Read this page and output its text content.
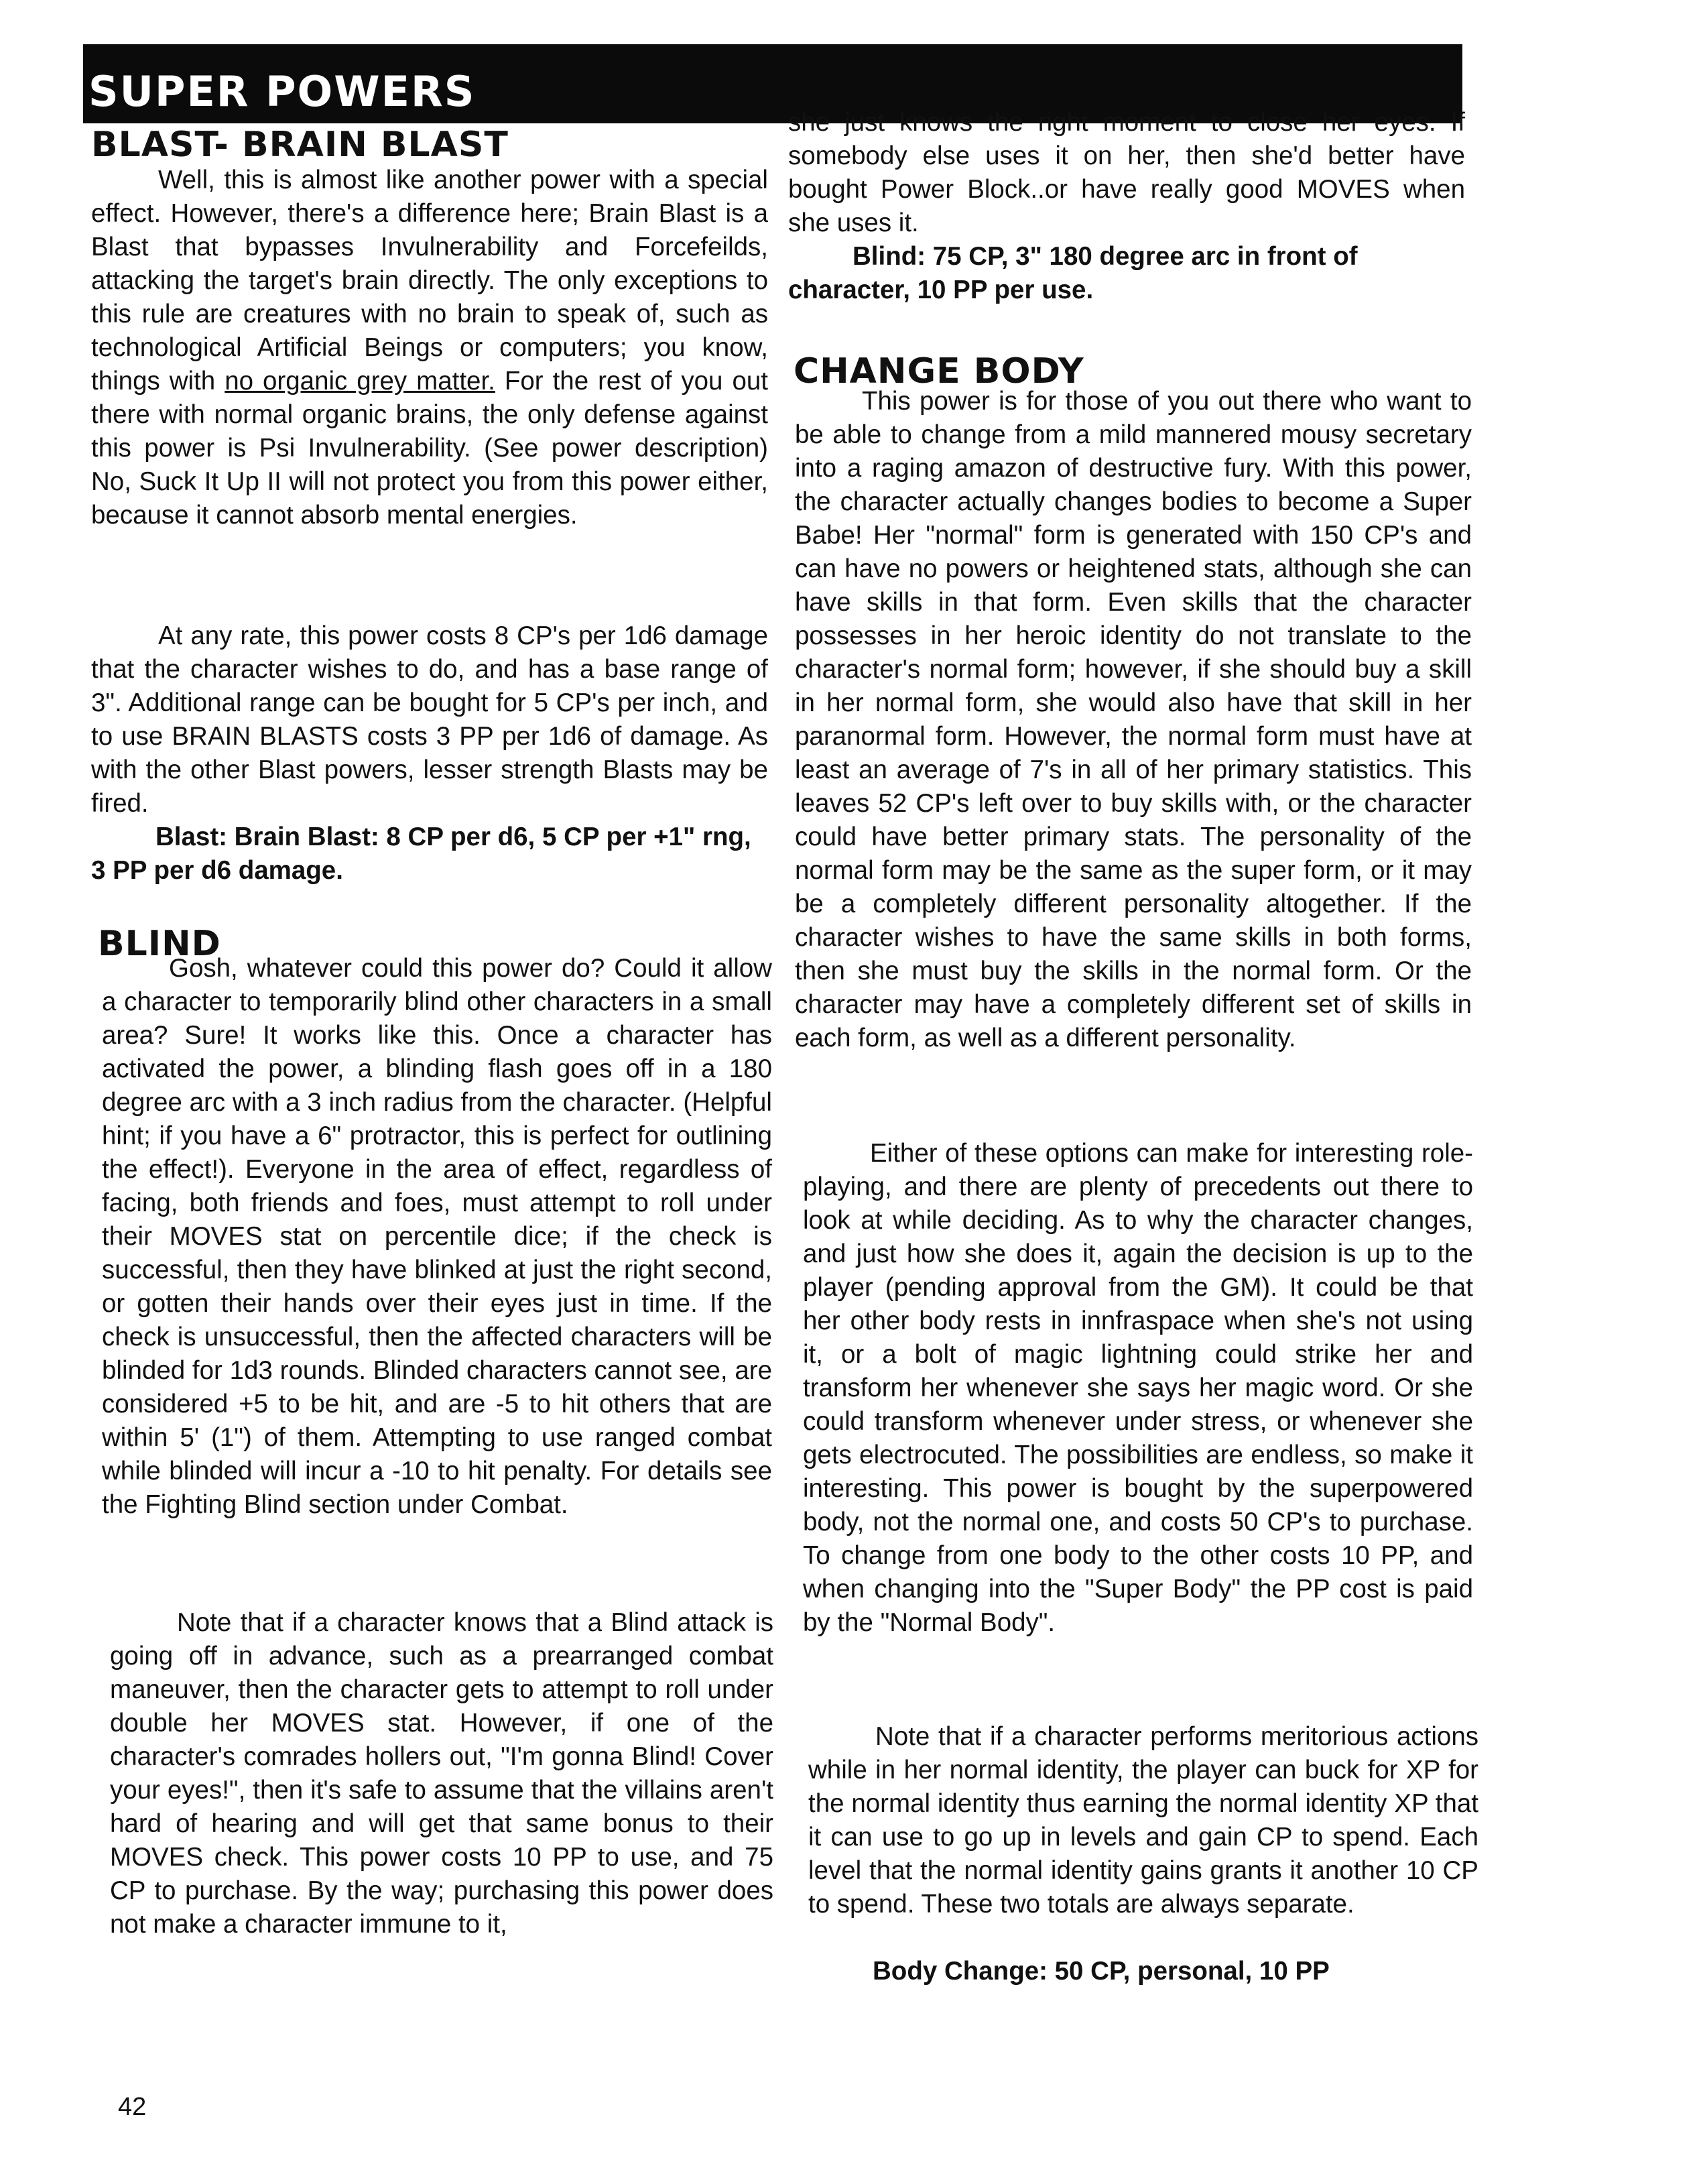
SUPER POWERS
BLAST- BRAIN BLAST

Well, this is almost like another power with a special effect. However, there's a difference here; Brain Blast is a Blast that bypasses Invulnerability and Forcefeilds, attacking the target's brain directly. The only exceptions to this rule are creatures with no brain to speak of, such as technological Artificial Beings or computers; you know, things with no organic grey matter. For the rest of you out there with normal organic brains, the only defense against this power is Psi Invulnerability. (See power description) No, Suck It Up II will not protect you from this power either, because it cannot absorb mental energies.

At any rate, this power costs 8 CP's per 1d6 damage that the character wishes to do, and has a base range of 3". Additional range can be bought for 5 CP's per inch, and to use BRAIN BLASTS costs 3 PP per 1d6 of damage. As with the other Blast powers, lesser strength Blasts may be fired.

Blast: Brain Blast: 8 CP per d6, 5 CP per +1" rng, 3 PP per d6 damage.

BLIND

Gosh, whatever could this power do? Could it allow a character to temporarily blind other characters in a small area? Sure! It works like this. Once a character has activated the power, a blinding flash goes off in a 180 degree arc with a 3 inch radius from the character. (Helpful hint; if you have a 6" protractor, this is perfect for outlining the effect!). Everyone in the area of effect, regardless of facing, both friends and foes, must attempt to roll under their MOVES stat on percentile dice; if the check is successful, then they have blinked at just the right second, or gotten their hands over their eyes just in time. If the check is unsuccessful, then the affected characters will be blinded for 1d3 rounds. Blinded characters cannot see, are considered +5 to be hit, and are -5 to hit others that are within 5' (1") of them. Attempting to use ranged combat while blinded will incur a -10 to hit penalty. For details see the Fighting Blind section under Combat.

Note that if a character knows that a Blind attack is going off in advance, such as a prearranged combat maneuver, then the character gets to attempt to roll under double her MOVES stat. However, if one of the character's comrades hollers out, "I'm gonna Blind! Cover your eyes!", then it's safe to assume that the villains aren't hard of hearing and will get that same bonus to their MOVES check. This power costs 10 PP to use, and 75 CP to purchase. By the way; purchasing this power does not make a character immune to it,

42

she just knows the right moment to close her eyes. If somebody else uses it on her, then she'd better have bought Power Block..or have really good MOVES when she uses it.

Blind: 75 CP, 3" 180 degree arc in front of character, 10 PP per use.

CHANGE BODY

This power is for those of you out there who want to be able to change from a mild mannered mousy secretary into a raging amazon of destructive fury. With this power, the character actually changes bodies to become a Super Babe! Her "normal" form is generated with 150 CP's and can have no powers or heightened stats, although she can have skills in that form. Even skills that the character possesses in her heroic identity do not translate to the character's normal form; however, if she should buy a skill in her normal form, she would also have that skill in her paranormal form. However, the normal form must have at least an average of 7's in all of her primary statistics. This leaves 52 CP's left over to buy skills with, or the character could have better primary stats. The personality of the normal form may be the same as the super form, or it may be a completely different personality altogether. If the character wishes to have the same skills in both forms, then she must buy the skills in the normal form. Or the character may have a completely different set of skills in each form, as well as a different personality.

Either of these options can make for interesting role-playing, and there are plenty of precedents out there to look at while deciding. As to why the character changes, and just how she does it, again the decision is up to the player (pending approval from the GM). It could be that her other body rests in innfraspace when she's not using it, or a bolt of magic lightning could strike her and transform her whenever she says her magic word. Or she could transform whenever under stress, or whenever she gets electrocuted. The possibilities are endless, so make it interesting. This power is bought by the superpowered body, not the normal one, and costs 50 CP's to purchase. To change from one body to the other costs 10 PP, and when changing into the "Super Body" the PP cost is paid by the "Normal Body".

Note that if a character performs meritorious actions while in her normal identity, the player can buck for XP for the normal identity thus earning the normal identity XP that it can use to go up in levels and gain CP to spend. Each level that the normal identity gains grants it another 10 CP to spend. These two totals are always separate.

Body Change: 50 CP, personal, 10 PP
